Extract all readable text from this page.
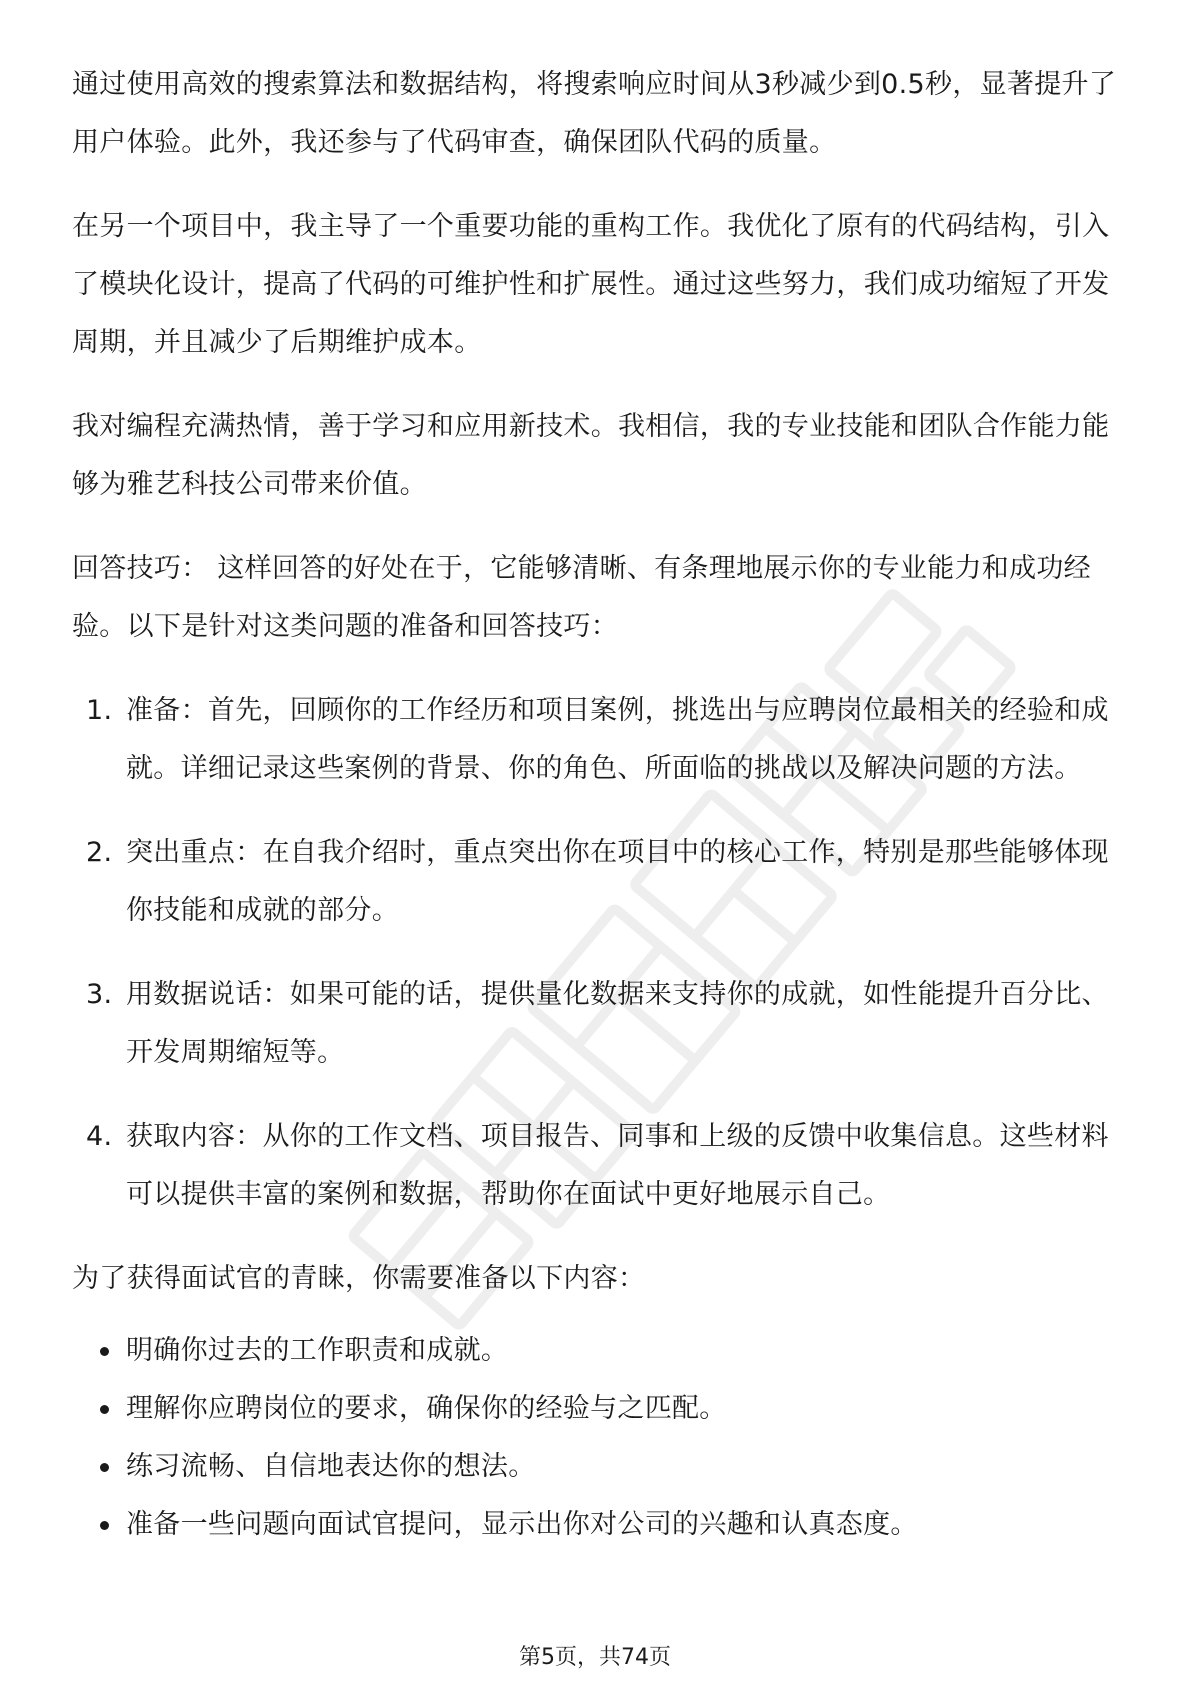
通过使用高效的搜索算法和数据结构，将搜索响应时间从3秒减少到0.5秒，显著提升了用户体验。此外，我还参与了代码审查，确保团队代码的质量。

在另一个项目中，我主导了一个重要功能的重构工作。我优化了原有的代码结构，引入了模块化设计，提高了代码的可维护性和扩展性。通过这些努力，我们成功缩短了开发周期，并且减少了后期维护成本。

我对编程充满热情，善于学习和应用新技术。我相信，我的专业技能和团队合作能力能够为雅艺科技公司带来价值。

回答技巧： 这样回答的好处在于，它能够清晰、有条理地展示你的专业能力和成功经验。以下是针对这类问题的准备和回答技巧：

1. 准备：首先，回顾你的工作经历和项目案例，挑选出与应聘岗位最相关的经验和成就。详细记录这些案例的背景、你的角色、所面临的挑战以及解决问题的方法。
2. 突出重点：在自我介绍时，重点突出你在项目中的核心工作，特别是那些能够体现你技能和成就的部分。
3. 用数据说话：如果可能的话，提供量化数据来支持你的成就，如性能提升百分比、开发周期缩短等。
4. 获取内容：从你的工作文档、项目报告、同事和上级的反馈中收集信息。这些材料可以提供丰富的案例和数据，帮助你在面试中更好地展示自己。

为了获得面试官的青睐，你需要准备以下内容：

明确你过去的工作职责和成就。
理解你应聘岗位的要求，确保你的经验与之匹配。
练习流畅、自信地表达你的想法。
准备一些问题向面试官提问，显示出你对公司的兴趣和认真态度。
第5页，共74页
